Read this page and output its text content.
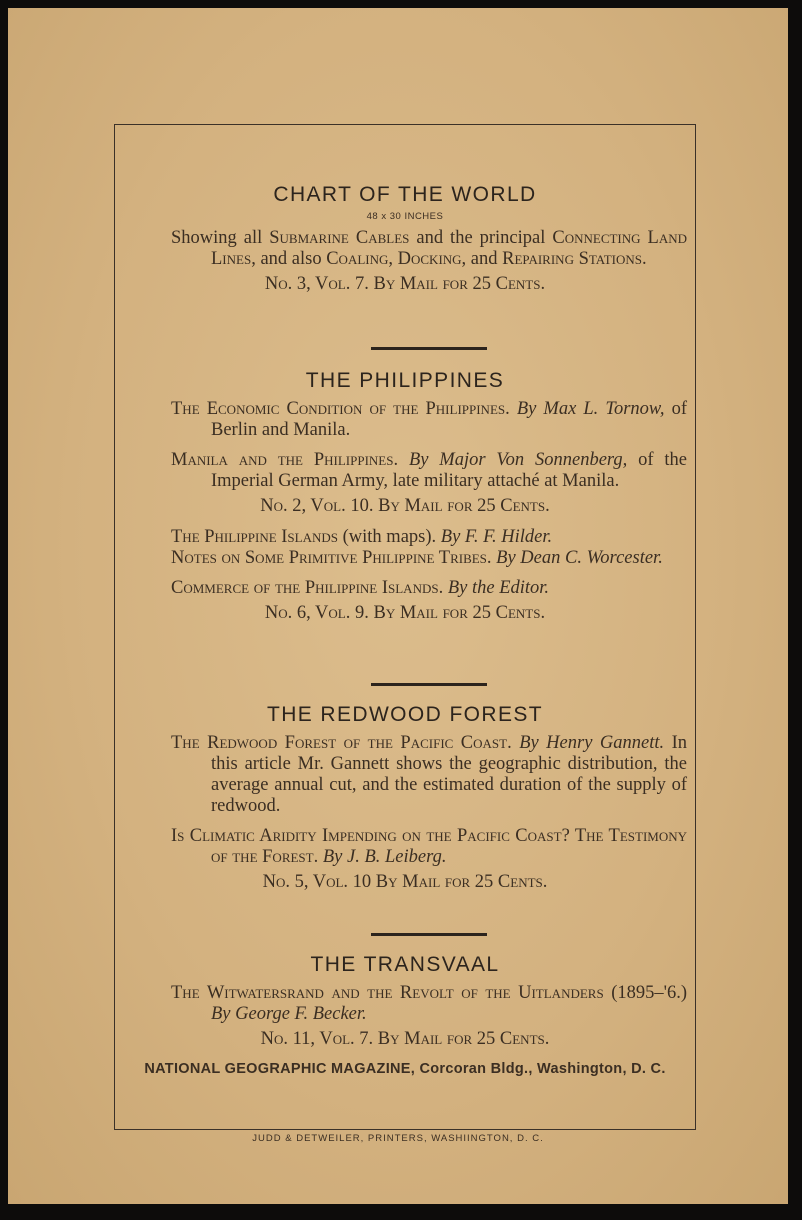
CHART OF THE WORLD
48 x 30 INCHES
Showing all Submarine Cables and the principal Connecting Land Lines, and also Coaling, Docking, and Repairing Stations.
No. 3, Vol. 7. By Mail for 25 Cents.
THE PHILIPPINES
The Economic Condition of the Philippines. By Max L. Tornow, of Berlin and Manila.
Manila and the Philippines. By Major Von Sonnenberg, of the Imperial German Army, late military attaché at Manila.
No. 2, Vol. 10. By Mail for 25 Cents.
The Philippine Islands (with maps). By F. F. Hilder.
Notes on Some Primitive Philippine Tribes. By Dean C. Worcester.
Commerce of the Philippine Islands. By the Editor.
No. 6, Vol. 9. By Mail for 25 Cents.
THE REDWOOD FOREST
The Redwood Forest of the Pacific Coast. By Henry Gannett. In this article Mr. Gannett shows the geographic distribution, the average annual cut, and the estimated duration of the supply of redwood.
Is Climatic Aridity Impending on the Pacific Coast? The Testimony of the Forest. By J. B. Leiberg.
No. 5, Vol. 10 By Mail for 25 Cents.
THE TRANSVAAL
The Witwatersrand and the Revolt of the Uitlanders (1895–'6.) By George F. Becker.
No. 11, Vol. 7. By Mail for 25 Cents.
NATIONAL GEOGRAPHIC MAGAZINE, Corcoran Bldg., Washington, D. C.
JUDD & DETWEILER, PRINTERS, WASHIINGTON, D. C.
